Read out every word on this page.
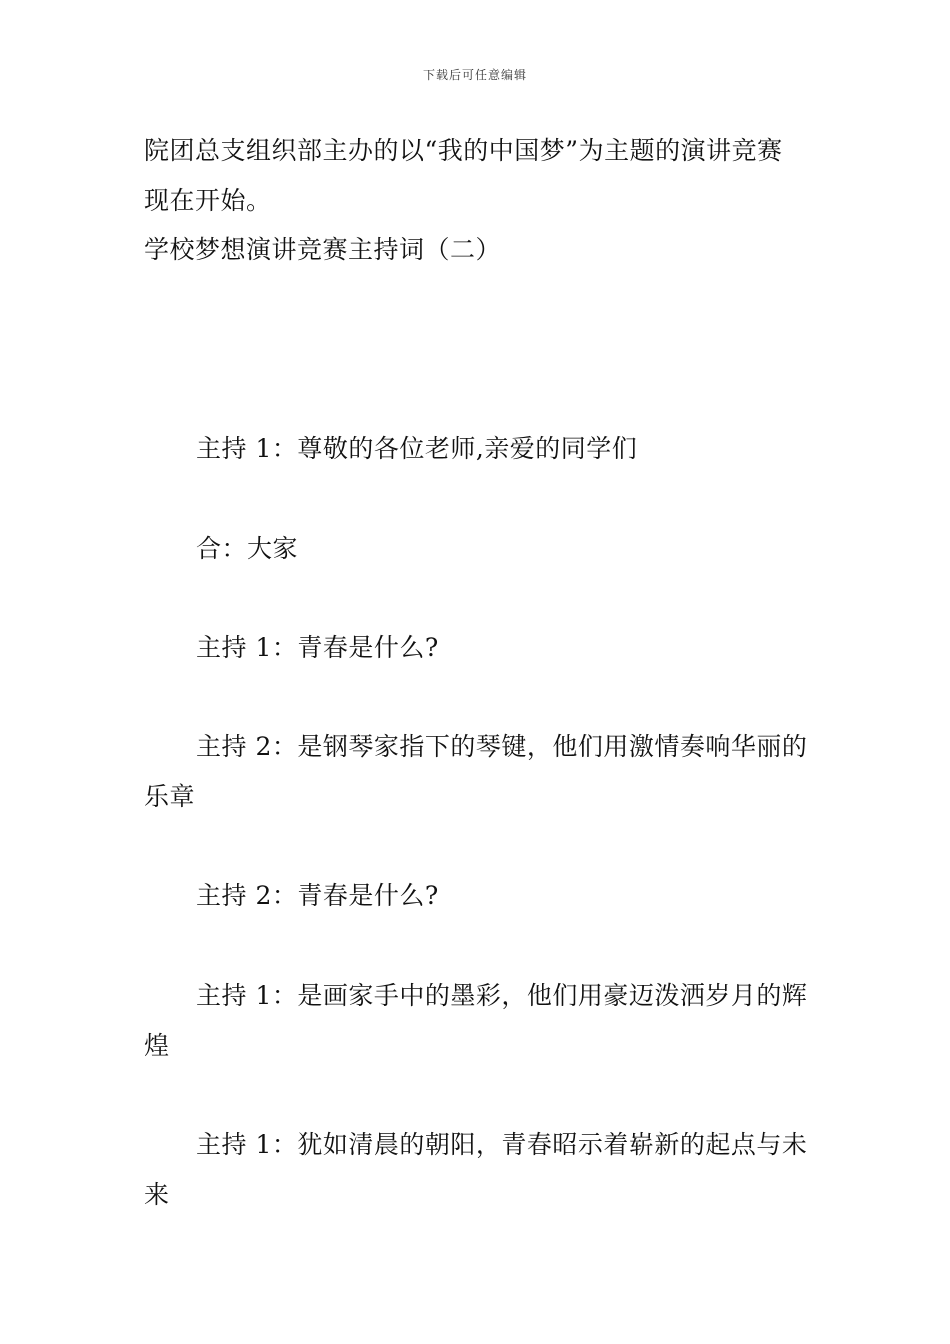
下载后可任意编辑
院团总支组织部主办的以“我的中国梦”为主题的演讲竞赛现在开始。
学校梦想演讲竞赛主持词（二）
主持 1：尊敬的各位老师,亲爱的同学们
合：大家
主持 1：青春是什么?
主持 2：是钢琴家指下的琴键，他们用激情奏响华丽的乐章
主持 2：青春是什么?
主持 1：是画家手中的墨彩，他们用豪迈泼洒岁月的辉煌
主持 1：犹如清晨的朝阳，青春昭示着崭新的起点与未来
